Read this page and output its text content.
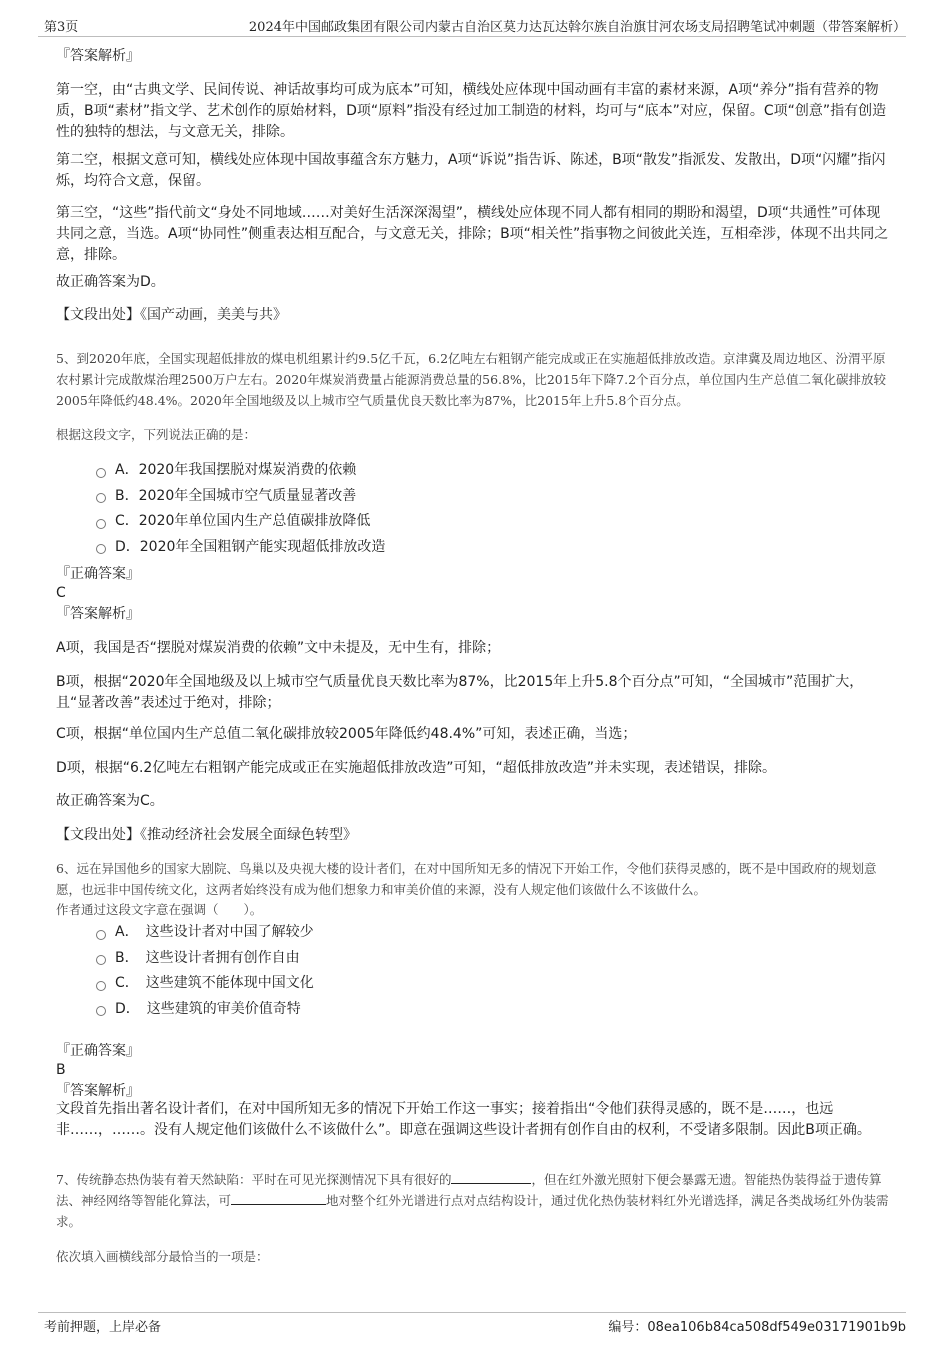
第3页	2024年中国邮政集团有限公司内蒙古自治区莫力达瓦达斡尔族自治旗甘河农场支局招聘笔试冲刺题（带答案解析）
『答案解析』
第一空，由“古典文学、民间传说、神话故事均可成为底本”可知，横线处应体现中国动画有丰富的素材来源，A项“养分”指有营养的物质，B项“素材”指文学、艺术创作的原始材料，D项“原料”指没有经过加工制造的材料，均可与“底本”对应，保留。C项“创意”指有创造性的独特的想法，与文意无关，排除。
第二空，根据文意可知，横线处应体现中国故事蕴含东方魅力，A项“诉说”指告诉、陈述，B项“散发”指派发、发散出，D项“闪耀”指闪烁，均符合文意，保留。
第三空，“这些”指代前文“身处不同地域……对美好生活深深渴望”，横线处应体现不同人都有相同的期盼和渴望，D项“共通性”可体现共同之意，当选。A项“协同性”侧重表达相互配合，与文意无关，排除；B项“相关性”指事物之间彼此关连，互相牵涉，体现不出共同之意，排除。
故正确答案为D。
【文段出处】《国产动画，美美与共》
5、到2020年底，全国实现超低排放的煤电机组累计约9.5亿千瓦，6.2亿吨左右粗钢产能完成或正在实施超低排放改造。京津冀及周边地区、汾渭平原农村累计完成散煤治理2500万户左右。2020年煤炭消费量占能源消费总量的56.8%，比2015年下降7.2个百分点，单位国内生产总值二氧化碳排放较2005年降低约48.4%。2020年全国地级及以上城市空气质量优良天数比率为87%，比2015年上升5.8个百分点。
根据这段文字，下列说法正确的是：
A．2020年我国摆脱对煤炭消费的依赖
B．2020年全国城市空气质量显著改善
C．2020年单位国内生产总值碳排放降低
D．2020年全国粗钢产能实现超低排放改造
『正确答案』
C
『答案解析』
A项，我国是否“摆脱对煤炭消费的依赖”文中未提及，无中生有，排除；
B项，根据“2020年全国地级及以上城市空气质量优良天数比率为87%，比2015年上升5.8个百分点”可知，“全国城市”范围扩大，且“显著改善”表述过于绝对，排除；
C项，根据“单位国内生产总值二氧化碳排放较2005年降低约48.4%”可知，表述正确，当选；
D项，根据“6.2亿吨左右粗钢产能完成或正在实施超低排放改造”可知，“超低排放改造”并未实现，表述错误，排除。
故正确答案为C。
【文段出处】《推动经济社会发展全面绿色转型》
6、远在异国他乡的国家大剧院、鸟巢以及央视大楼的设计者们，在对中国所知无多的情况下开始工作，令他们获得灵感的，既不是中国政府的规划意愿，也远非中国传统文化，这两者始终没有成为他们想象力和审美价值的来源，没有人规定他们该做什么不该做什么。
作者通过这段文字意在强调（　　）。
A．　这些设计者对中国了解较少
B．　这些设计者拥有创作自由
C．　这些建筑不能体现中国文化
D．　这些建筑的审美价值奇特
『正确答案』
B
『答案解析』
文段首先指出著名设计者们，在对中国所知无多的情况下开始工作这一事实；接着指出“令他们获得灵感的，既不是……，也远非……，……。没有人规定他们该做什么不该做什么”。即意在强调这些设计者拥有创作自由的权利，不受诸多限制。因此B项正确。
7、传统静态热伪装有着天然缺陷：平时在可见光探测情况下具有很好的	，但在红外激光照射下便会暴露无遗。智能热伪装得益于遗传算法、神经网络等智能化算法，可	地对整个红外光谱进行点对点结构设计，通过优化热伪装材料红外光谱选择，满足各类战场红外伪装需求。
依次填入画横线部分最恰当的一项是：
考前押题，上岸必备	编号：08ea106b84ca508df549e03171901b9b
